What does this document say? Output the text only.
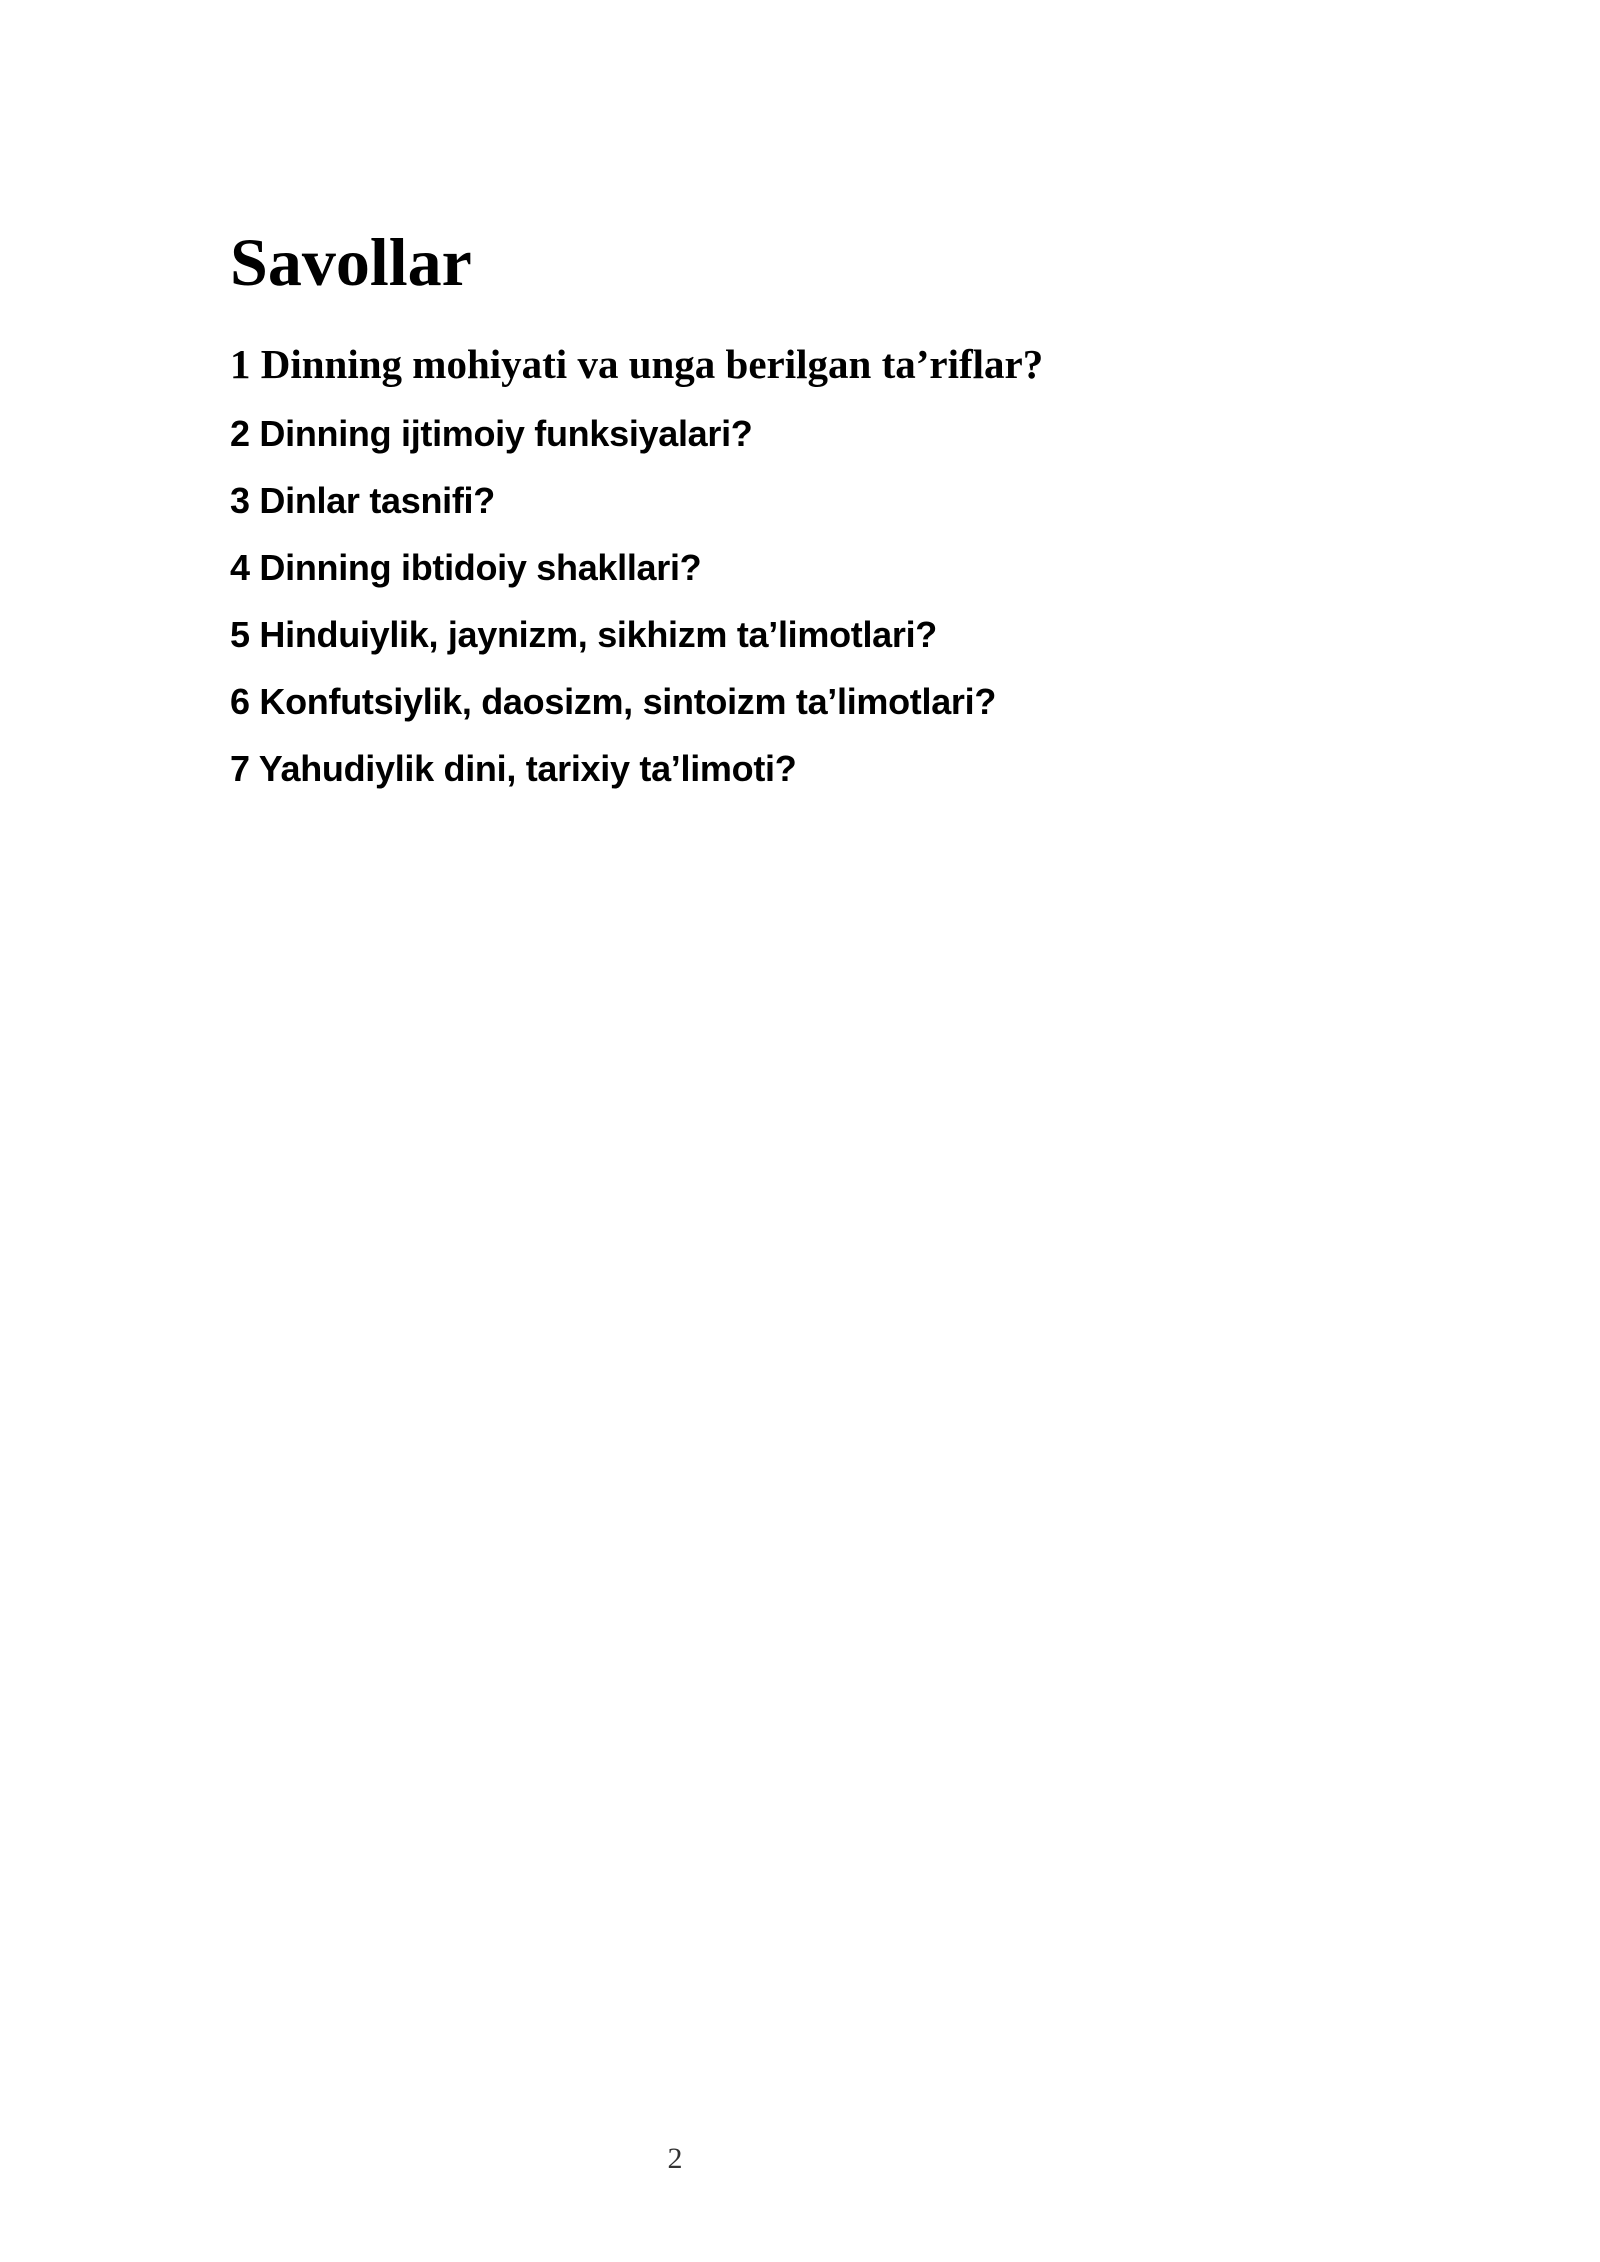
Savollar

1 Dinning mohiyati va unga berilgan ta’riflar?

2 Dinning ijtimoiy funksiyalari?

3 Dinlar tasnifi?

4 Dinning ibtidoiy shakllari?

5 Hinduiylik, jaynizm, sikhizm ta’limotlari?

6 Konfutsiylik, daosizm, sintoizm ta’limotlari?

7 Yahudiylik dini, tarixiy ta’limoti?

2
